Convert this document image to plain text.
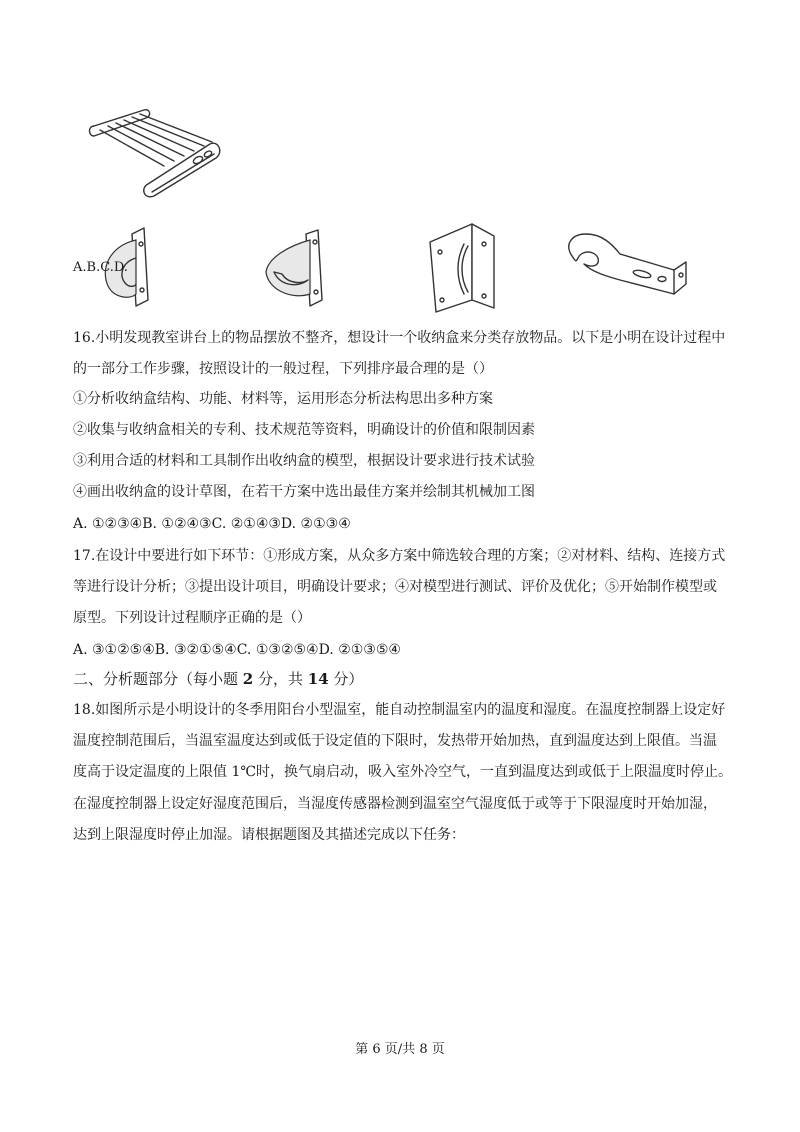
A.B.C.D.
16.小明发现教室讲台上的物品摆放不整齐，想设计一个收纳盒来分类存放物品。以下是小明在设计过程中
的一部分工作步骤，按照设计的一般过程，下列排序最合理的是（）
①分析收纳盒结构、功能、材料等，运用形态分析法构思出多种方案
②收集与收纳盒相关的专利、技术规范等资料，明确设计的价值和限制因素
③利用合适的材料和工具制作出收纳盒的模型，根据设计要求进行技术试验
④画出收纳盒的设计草图，在若干方案中选出最佳方案并绘制其机械加工图
A. ①②③④B. ①②④③C. ②①④③D. ②①③④
17.在设计中要进行如下环节：①形成方案，从众多方案中筛选较合理的方案；②对材料、结构、连接方式
等进行设计分析；③提出设计项目，明确设计要求；④对模型进行测试、评价及优化；⑤开始制作模型或
原型。下列设计过程顺序正确的是（）
A. ③①②⑤④B. ③②①⑤④C. ①③②⑤④D. ②①③⑤④
二、分析题部分（每小题 2 分，共 14 分）
18.如图所示是小明设计的冬季用阳台小型温室，能自动控制温室内的温度和湿度。在温度控制器上设定好
温度控制范围后，当温室温度达到或低于设定值的下限时，发热带开始加热，直到温度达到上限值。当温
度高于设定温度的上限值 1℃时，换气扇启动，吸入室外冷空气，一直到温度达到或低于上限温度时停止。
在湿度控制器上设定好湿度范围后，当湿度传感器检测到温室空气湿度低于或等于下限湿度时开始加湿，
达到上限湿度时停止加湿。请根据题图及其描述完成以下任务：
第 6 页/共 8 页
